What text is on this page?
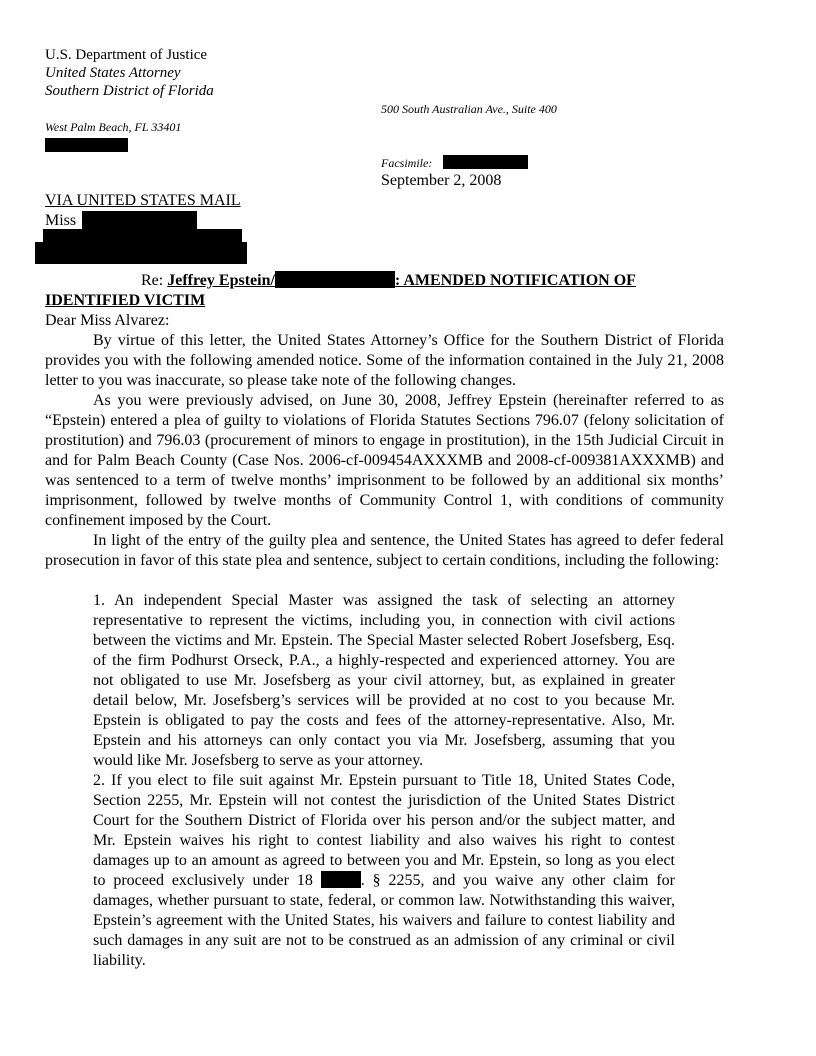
U.S. Department of Justice
United States Attorney
Southern District of Florida
500 South Australian Ave., Suite 400
West Palm Beach, FL 33401
Facsimile:
September 2, 2008
VIA UNITED STATES MAIL
Miss
Re: Jeffrey Epstein/	: AMENDED NOTIFICATION OF
IDENTIFIED VICTIM

Dear Miss Alvarez:

By virtue of this letter, the United States Attorney’s Office for the Southern District of Florida provides you with the following amended notice. Some of the information contained in the July 21, 2008 letter to you was inaccurate, so please take note of the following changes.

As you were previously advised, on June 30, 2008, Jeffrey Epstein (hereinafter referred to as “Epstein) entered a plea of guilty to violations of Florida Statutes Sections 796.07 (felony solicitation of prostitution) and 796.03 (procurement of minors to engage in prostitution), in the 15th Judicial Circuit in and for Palm Beach County (Case Nos. 2006-cf-009454AXXXMB and 2008-cf-009381AXXXMB) and was sentenced to a term of twelve months’ imprisonment to be followed by an additional six months’ imprisonment, followed by twelve months of Community Control 1, with conditions of community confinement imposed by the Court.

In light of the entry of the guilty plea and sentence, the United States has agreed to defer federal prosecution in favor of this state plea and sentence, subject to certain conditions, including the following:

1. An independent Special Master was assigned the task of selecting an attorney representative to represent the victims, including you, in connection with civil actions between the victims and Mr. Epstein. The Special Master selected Robert Josefsberg, Esq. of the firm Podhurst Orseck, P.A., a highly-respected and experienced attorney. You are not obligated to use Mr. Josefsberg as your civil attorney, but, as explained in greater detail below, Mr. Josefsberg’s services will be provided at no cost to you because Mr. Epstein is obligated to pay the costs and fees of the attorney-representative. Also, Mr. Epstein and his attorneys can only contact you via Mr. Josefsberg, assuming that you would like Mr. Josefsberg to serve as your attorney.

2. If you elect to file suit against Mr. Epstein pursuant to Title 18, United States Code, Section 2255, Mr. Epstein will not contest the jurisdiction of the United States District Court for the Southern District of Florida over his person and/or the subject matter, and Mr. Epstein waives his right to contest liability and also waives his right to contest damages up to an amount as agreed to between you and Mr. Epstein, so long as you elect to proceed exclusively under 18	. § 2255, and you waive any other claim for damages, whether pursuant to state, federal, or common law. Notwithstanding this waiver, Epstein’s agreement with the United States, his waivers and failure to contest liability and such damages in any suit are not to be construed as an admission of any criminal or civil liability.
